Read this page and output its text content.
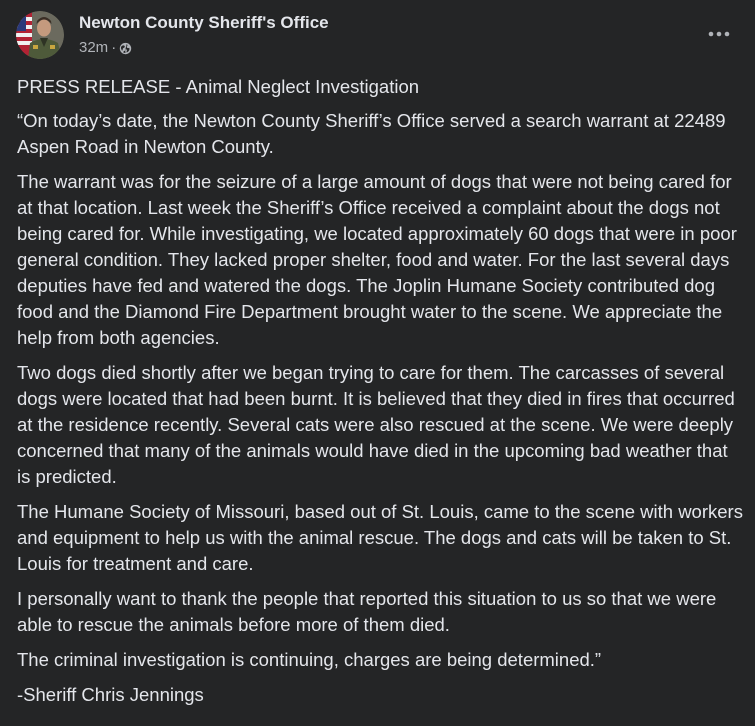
Newton County Sheriff's Office
32m ·

PRESS RELEASE - Animal Neglect Investigation

“On today’s date, the Newton County Sheriff’s Office served a search warrant at 22489 Aspen Road in Newton County.

The warrant was for the seizure of a large amount of dogs that were not being cared for at that location. Last week the Sheriff’s Office received a complaint about the dogs not being cared for. While investigating, we located approximately 60 dogs that were in poor general condition. They lacked proper shelter, food and water. For the last several days deputies have fed and watered the dogs. The Joplin Humane Society contributed dog food and the Diamond Fire Department brought water to the scene. We appreciate the help from both agencies.

Two dogs died shortly after we began trying to care for them. The carcasses of several dogs were located that had been burnt. It is believed that they died in fires that occurred at the residence recently. Several cats were also rescued at the scene. We were deeply concerned that many of the animals would have died in the upcoming bad weather that is predicted.

The Humane Society of Missouri, based out of St. Louis, came to the scene with workers and equipment to help us with the animal rescue. The dogs and cats will be taken to St. Louis for treatment and care.

I personally want to thank the people that reported this situation to us so that we were able to rescue the animals before more of them died.

The criminal investigation is continuing, charges are being determined.”

-Sheriff Chris Jennings
